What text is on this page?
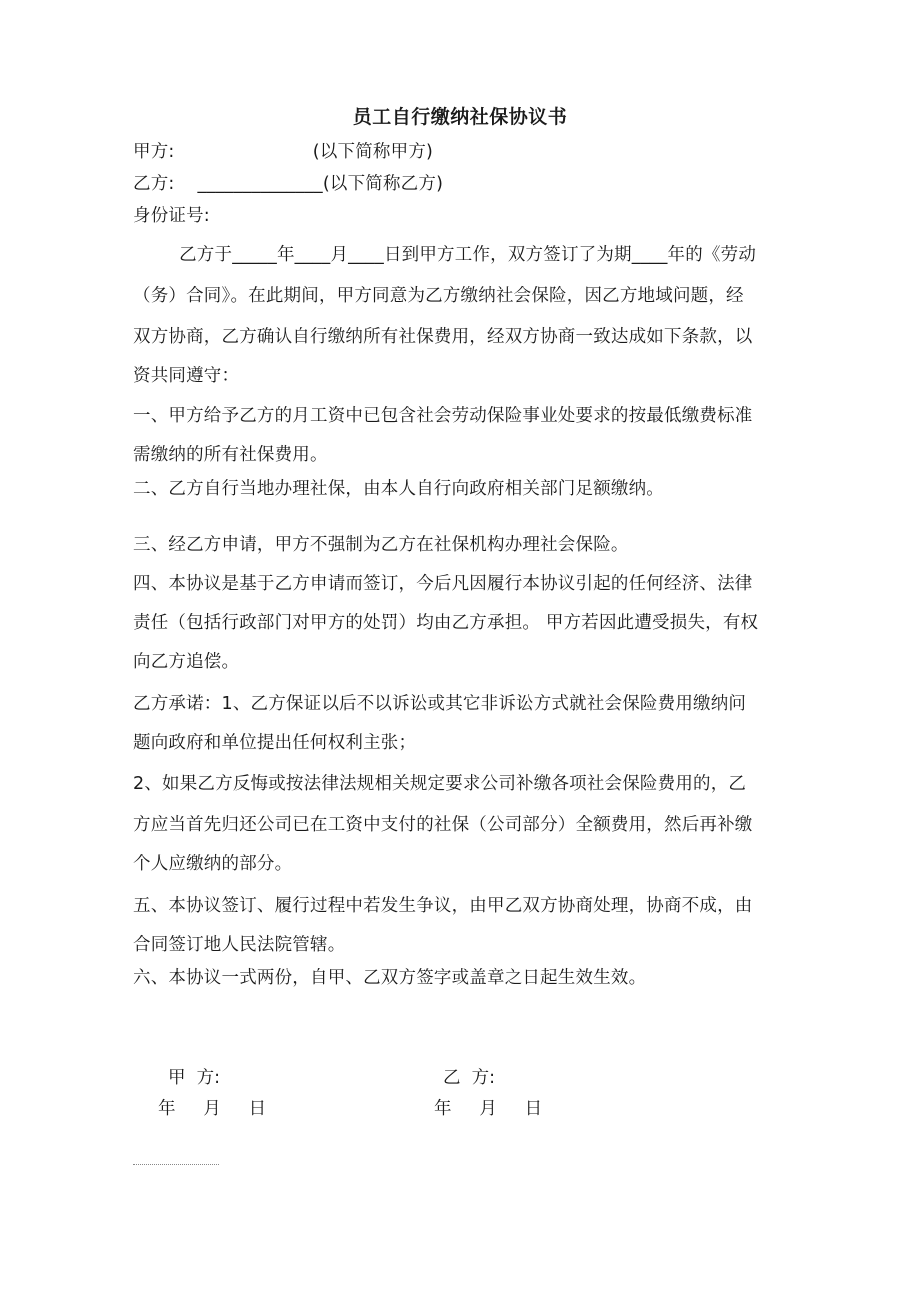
员工自行缴纳社保协议书
甲方:                        (以下简称甲方)
乙方:    ______________(以下简称乙方)
身份证号:
乙方于_____年____月____日到甲方工作，双方签订了为期____年的《劳动
（务）合同》。在此期间，甲方同意为乙方缴纳社会保险，因乙方地域问题，经
双方协商，乙方确认自行缴纳所有社保费用，经双方协商一致达成如下条款，以
资共同遵守：
一、甲方给予乙方的月工资中已包含社会劳动保险事业处要求的按最低缴费标准
需缴纳的所有社保费用。
二、乙方自行当地办理社保，由本人自行向政府相关部门足额缴纳。
三、经乙方申请，甲方不强制为乙方在社保机构办理社会保险。
四、本协议是基于乙方申请而签订，今后凡因履行本协议引起的任何经济、法律
责任（包括行政部门对甲方的处罚）均由乙方承担。 甲方若因此遭受损失，有权
向乙方追偿。
乙方承诺：1、乙方保证以后不以诉讼或其它非诉讼方式就社会保险费用缴纳问
题向政府和单位提出任何权利主张；
2、如果乙方反悔或按法律法规相关规定要求公司补缴各项社会保险费用的，乙
方应当首先归还公司已在工资中支付的社保（公司部分）全额费用，然后再补缴
个人应缴纳的部分。
五、本协议签订、履行过程中若发生争议，由甲乙双方协商处理，协商不成，由
合同签订地人民法院管辖。
六、本协议一式两份，自甲、乙双方签字或盖章之日起生效生效。
甲  方:
年     月     日
乙  方:
年     月     日
